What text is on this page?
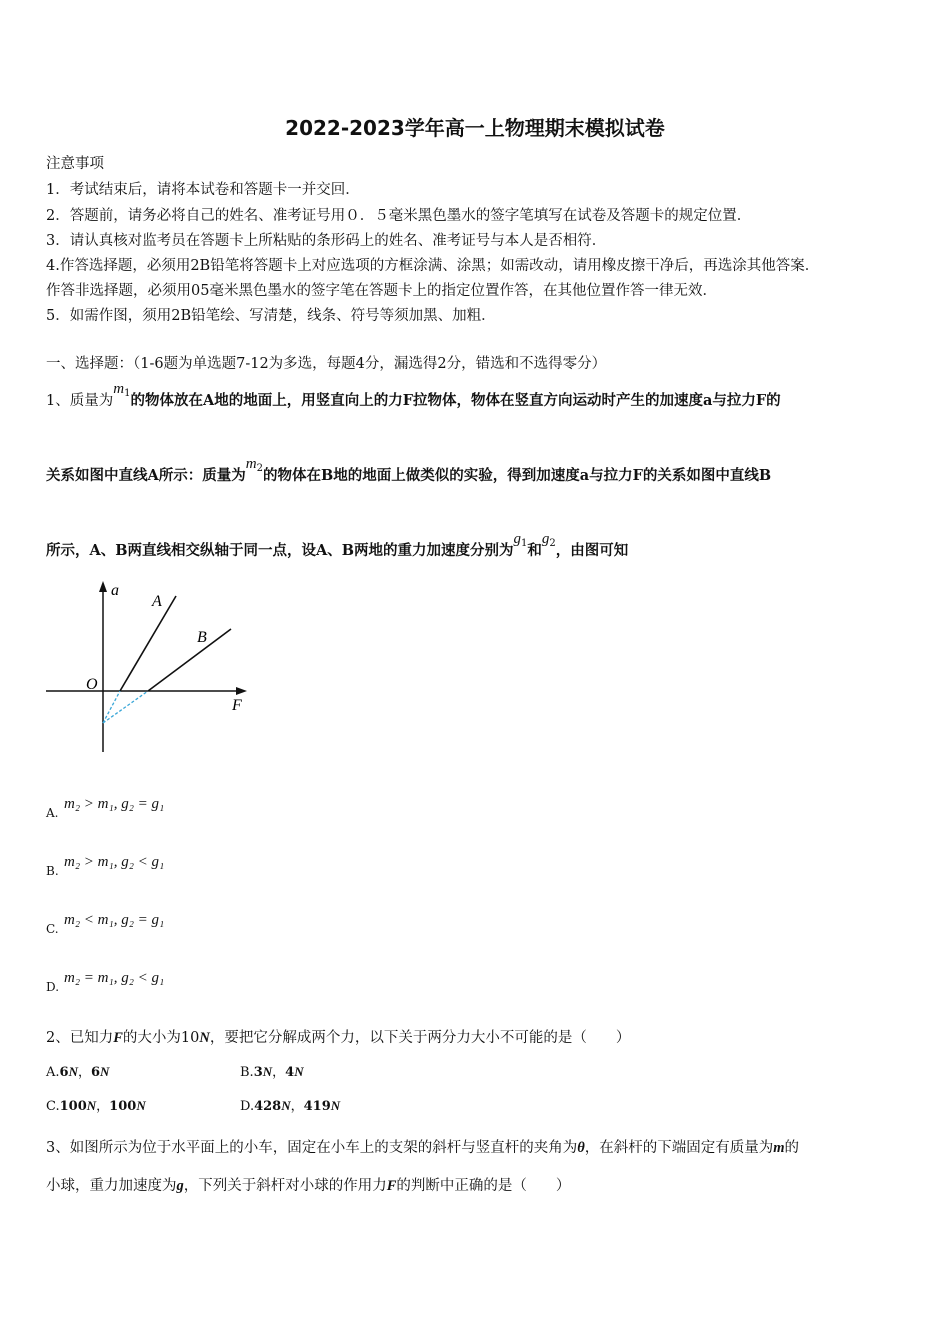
2022-2023学年高一上物理期末模拟试卷
注意事项
1．考试结束后，请将本试卷和答题卡一并交回．
2．答题前，请务必将自己的姓名、准考证号用０．５毫米黑色墨水的签字笔填写在试卷及答题卡的规定位置．
3．请认真核对监考员在答题卡上所粘贴的条形码上的姓名、准考证号与本人是否相符．
4.作答选择题，必须用2B铅笔将答题卡上对应选项的方框涂满、涂黑；如需改动，请用橡皮擦干净后，再选涂其他答案．
作答非选择题，必须用05毫米黑色墨水的签字笔在答题卡上的指定位置作答，在其他位置作答一律无效．
5．如需作图，须用2B铅笔绘、写清楚，线条、符号等须加黑、加粗．
一、选择题：（1-6题为单选题7-12为多选，每题4分，漏选得2分，错选和不选得零分）
1、质量为$m_1$的物体放在A地的地面上，用竖直向上的力F拉物体，物体在竖直方向运动时产生的加速度a与拉力F的
关系如图中直线A所示：质量为$m_2$的物体在B地的地面上做类似的实验，得到加速度a与拉力F的关系如图中直线B
所示，A、B两直线相交纵轴于同一点，设A、B两地的重力加速度分别为$g_1$和$g_2$，由图可知
a
F
O
A
B
A.
m₂ > m₁, g₂ = g₁
B.
m₂ > m₁, g₂ < g₁
C.
m₂ < m₁, g₂ = g₁
D.
m₂ = m₁, g₂ < g₁
2、已知力F的大小为10N，要把它分解成两个力，以下关于两分力大小不可能的是（　　）
A.6N，6N	B.3N，4N
C.100N，100N	D.428N，419N
3、如图所示为位于水平面上的小车，固定在小车上的支架的斜杆与竖直杆的夹角为θ，在斜杆的下端固定有质量为m的
小球，重力加速度为g，下列关于斜杆对小球的作用力F的判断中正确的是（　　）
